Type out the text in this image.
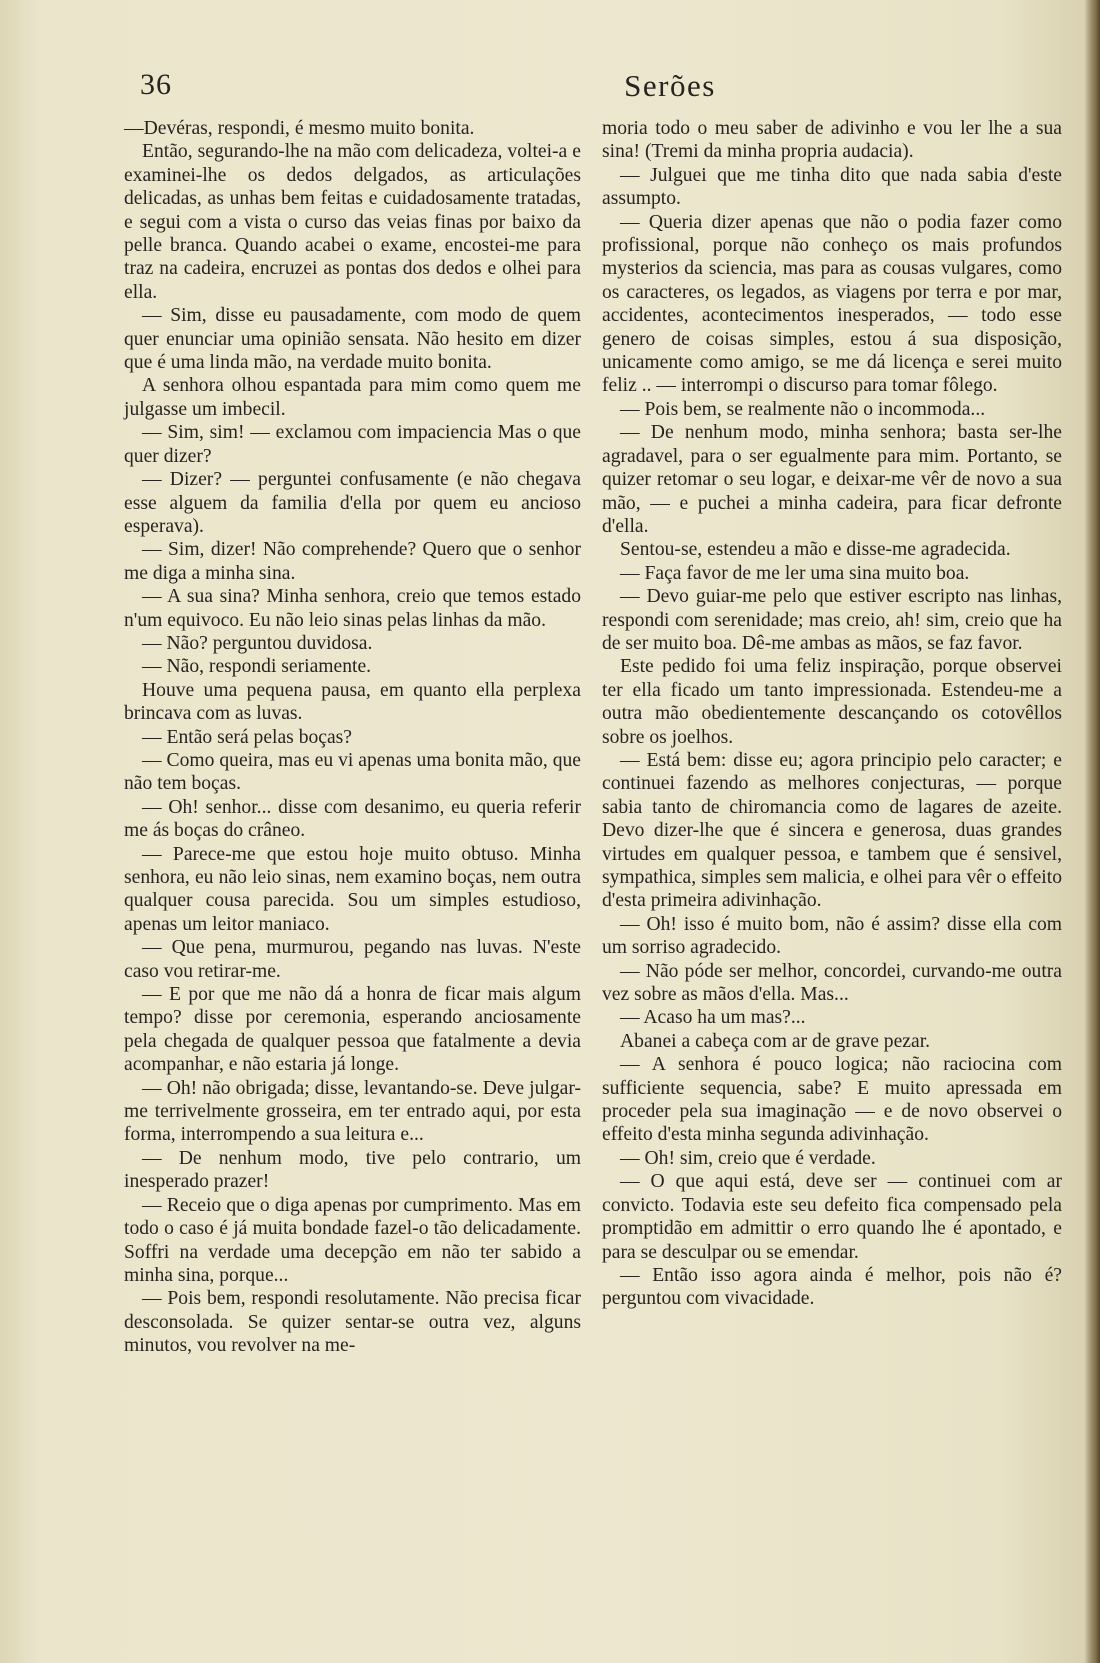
36	Serões

—Devéras, respondi, é mesmo muito bonita.

Então, segurando-lhe na mão com delicadeza, voltei-a e examinei-lhe os dedos delgados, as articulações delicadas, as unhas bem feitas e cuidadosamente tratadas, e segui com a vista o curso das veias finas por baixo da pelle branca. Quando acabei o exame, encostei-me para traz na cadeira, encruzei as pontas dos dedos e olhei para ella.

— Sim, disse eu pausadamente, com modo de quem quer enunciar uma opinião sensata. Não hesito em dizer que é uma linda mão, na verdade muito bonita.

A senhora olhou espantada para mim como quem me julgasse um imbecil.

— Sim, sim! — exclamou com impaciencia Mas o que quer dizer?

— Dizer? — perguntei confusamente (e não chegava esse alguem da familia d'ella por quem eu ancioso esperava).

— Sim, dizer! Não comprehende? Quero que o senhor me diga a minha sina.

— A sua sina? Minha senhora, creio que temos estado n'um equivoco. Eu não leio sinas pelas linhas da mão.

— Não? perguntou duvidosa.

— Não, respondi seriamente.

Houve uma pequena pausa, em quanto ella perplexa brincava com as luvas.

— Então será pelas boças?

— Como queira, mas eu vi apenas uma bonita mão, que não tem boças.

— Oh! senhor... disse com desanimo, eu queria referir me ás boças do crâneo.

— Parece-me que estou hoje muito obtuso. Minha senhora, eu não leio sinas, nem examino boças, nem outra qualquer cousa parecida. Sou um simples estudioso, apenas um leitor maniaco.

— Que pena, murmurou, pegando nas luvas. N'este caso vou retirar-me.

— E por que me não dá a honra de ficar mais algum tempo? disse por ceremonia, esperando anciosamente pela chegada de qualquer pessoa que fatalmente a devia acompanhar, e não estaria já longe.

— Oh! não obrigada; disse, levantando-se. Deve julgar-me terrivelmente grosseira, em ter entrado aqui, por esta forma, interrompendo a sua leitura e...

— De nenhum modo, tive pelo contrario, um inesperado prazer!

— Receio que o diga apenas por cumprimento. Mas em todo o caso é já muita bondade fazel-o tão delicadamente. Soffri na verdade uma decepção em não ter sabido a minha sina, porque...

— Pois bem, respondi resolutamente. Não precisa ficar desconsolada. Se quizer sentar-se outra vez, alguns minutos, vou revolver na me-

moria todo o meu saber de adivinho e vou ler lhe a sua sina! (Tremi da minha propria audacia).

— Julguei que me tinha dito que nada sabia d'este assumpto.

— Queria dizer apenas que não o podia fazer como profissional, porque não conheço os mais profundos mysterios da sciencia, mas para as cousas vulgares, como os caracteres, os legados, as viagens por terra e por mar, accidentes, acontecimentos inesperados, — todo esse genero de coisas simples, estou á sua disposição, unicamente como amigo, se me dá licença e serei muito feliz .. — interrompi o discurso para tomar fôlego.

— Pois bem, se realmente não o incommoda...

— De nenhum modo, minha senhora; basta ser-lhe agradavel, para o ser egualmente para mim. Portanto, se quizer retomar o seu logar, e deixar-me vêr de novo a sua mão, — e puchei a minha cadeira, para ficar defronte d'ella.

Sentou-se, estendeu a mão e disse-me agradecida.

— Faça favor de me ler uma sina muito boa.

— Devo guiar-me pelo que estiver escripto nas linhas, respondi com serenidade; mas creio, ah! sim, creio que ha de ser muito boa. Dê-me ambas as mãos, se faz favor.

Este pedido foi uma feliz inspiração, porque observei ter ella ficado um tanto impressionada. Estendeu-me a outra mão obedientemente descançando os cotovêllos sobre os joelhos.

— Está bem: disse eu; agora principio pelo caracter; e continuei fazendo as melhores conjecturas, — porque sabia tanto de chiromancia como de lagares de azeite. Devo dizer-lhe que é sincera e generosa, duas grandes virtudes em qualquer pessoa, e tambem que é sensivel, sympathica, simples sem malicia, e olhei para vêr o effeito d'esta primeira adivinhação.

— Oh! isso é muito bom, não é assim? disse ella com um sorriso agradecido.

— Não póde ser melhor, concordei, curvando-me outra vez sobre as mãos d'ella. Mas...

— Acaso ha um mas?...

Abanei a cabeça com ar de grave pezar.

— A senhora é pouco logica; não raciocina com sufficiente sequencia, sabe? E muito apressada em proceder pela sua imaginação — e de novo observei o effeito d'esta minha segunda adivinhação.

— Oh! sim, creio que é verdade.

— O que aqui está, deve ser — continuei com ar convicto. Todavia este seu defeito fica compensado pela promptidão em admittir o erro quando lhe é apontado, e para se desculpar ou se emendar.

— Então isso agora ainda é melhor, pois não é? perguntou com vivacidade.
